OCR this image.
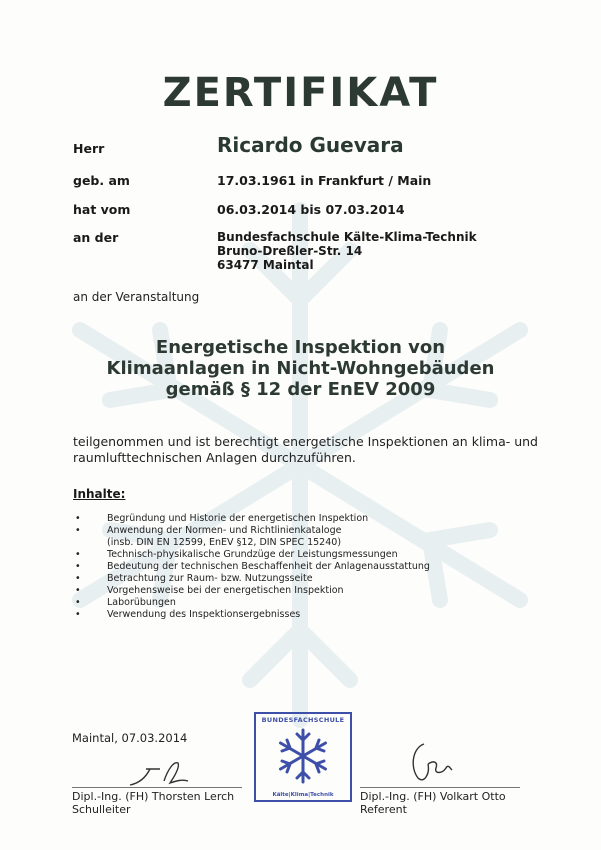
ZERTIFIKAT
Herr	Ricardo Guevara
geb. am	17.03.1961 in Frankfurt / Main
hat vom	06.03.2014 bis 07.03.2014
an der	Bundesfachschule Kälte-Klima-Technik
Bruno-Dreßler-Str. 14
63477 Maintal
an der Veranstaltung
Energetische Inspektion von
Klimaanlagen in Nicht-Wohngebäuden
gemäß § 12 der EnEV 2009
teilgenommen und ist berechtigt energetische Inspektionen an klima- und raumlufttechnischen Anlagen durchzuführen.
Inhalte:
•	Begründung und Historie der energetischen Inspektion
•	Anwendung der Normen- und Richtlinienkataloge
(insb. DIN EN 12599, EnEV §12, DIN SPEC 15240)
•	Technisch-physikalische Grundzüge der Leistungsmessungen
•	Bedeutung der technischen Beschaffenheit der Anlagenausstattung
•	Betrachtung zur Raum- bzw. Nutzungsseite
•	Vorgehensweise bei der energetischen Inspektion
•	Laborübungen
•	Verwendung des Inspektionsergebnisses
Maintal, 07.03.2014
BUNDESFACHSCHULE
Kälte|Klima|Technik
Dipl.-Ing. (FH) Thorsten Lerch
Schulleiter
Dipl.-Ing. (FH) Volkart Otto
Referent
